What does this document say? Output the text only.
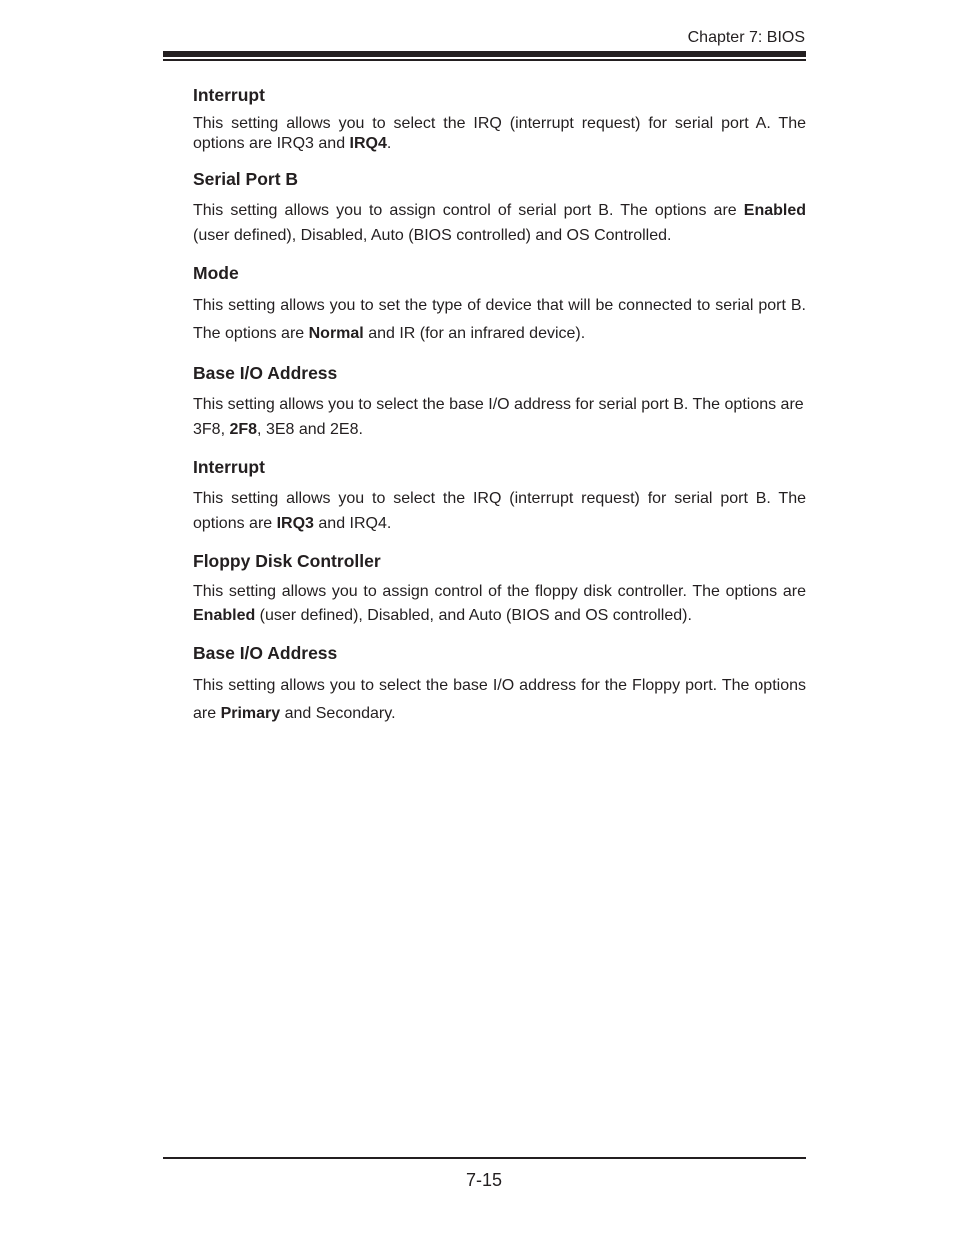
Chapter 7: BIOS
Interrupt

This setting allows you to select the IRQ (interrupt request) for serial port A. The options are IRQ3 and IRQ4.

Serial Port B

This setting allows you to assign control of serial port B. The options are Enabled (user defined), Disabled, Auto (BIOS controlled) and OS Controlled.

Mode

This setting allows you to set the type of device that will be connected to serial port B. The options are Normal and IR (for an infrared device).

Base I/O Address

This setting allows you to select the base I/O address for serial port B. The options are 3F8, 2F8, 3E8 and 2E8.

Interrupt

This setting allows you to select the IRQ (interrupt request) for serial port B. The options are IRQ3 and IRQ4.

Floppy Disk Controller

This setting allows you to assign control of the floppy disk controller. The options are Enabled (user defined), Disabled, and Auto (BIOS and OS controlled).

Base I/O Address

This setting allows you to select the base I/O address for the Floppy port. The options are Primary and Secondary.

7-15
